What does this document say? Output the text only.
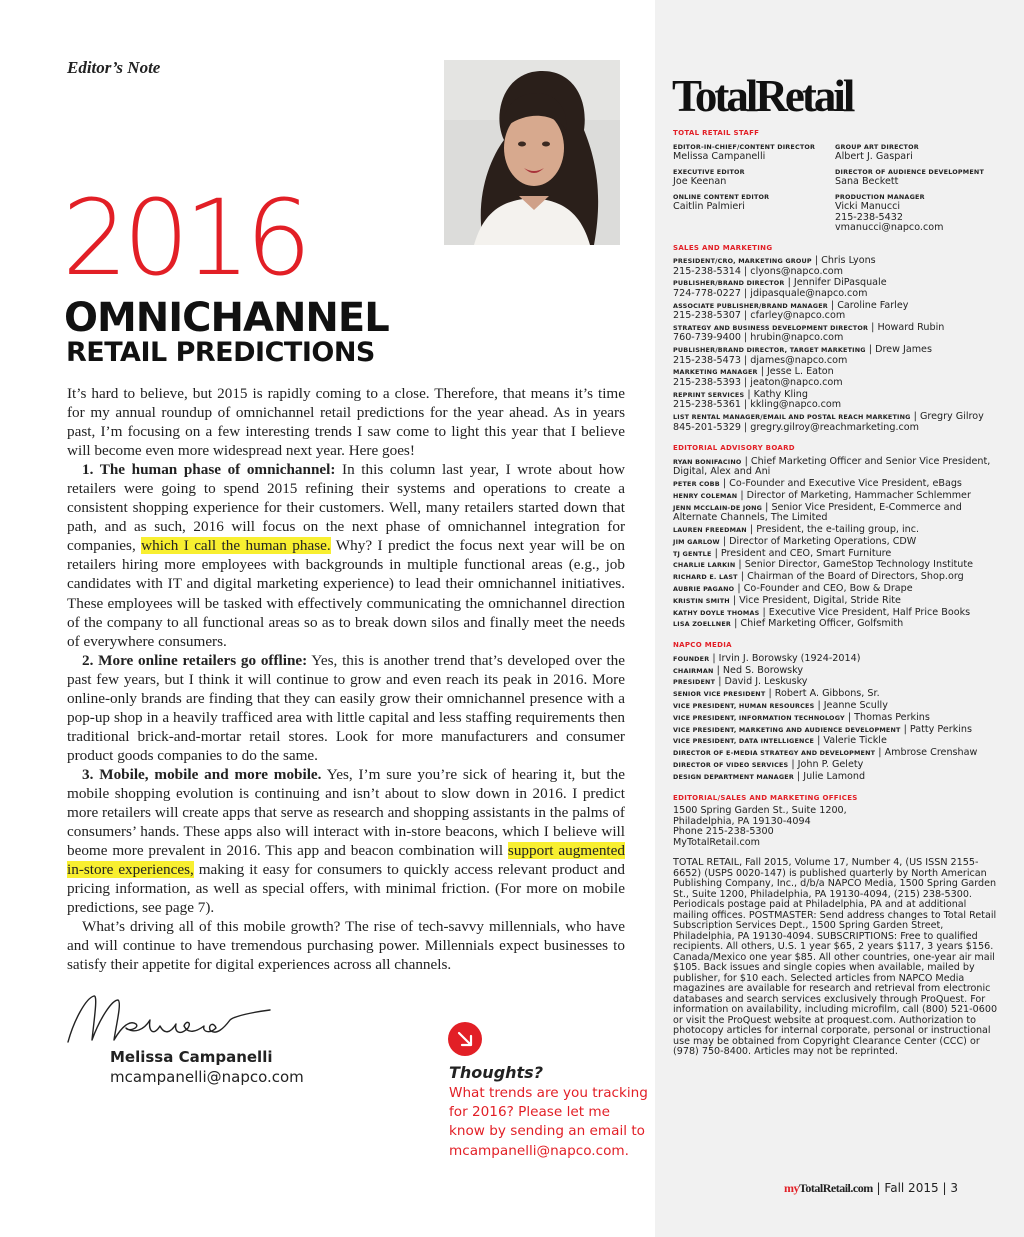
Editor’s Note
2016
OMNICHANNEL
RETAIL PREDICTIONS

It’s hard to believe, but 2015 is rapidly coming to a close. Therefore, that means it’s time for my annual roundup of omnichannel retail predictions for the year ahead. As in years past, I’m focusing on a few interesting trends I saw come to light this year that I believe will become even more widespread next year. Here goes!

1. The human phase of omnichannel: In this column last year, I wrote about how retailers were going to spend 2015 refining their systems and operations to create a consistent shopping experience for their customers. Well, many retailers started down that path, and as such, 2016 will focus on the next phase of omnichannel integration for companies, which I call the human phase. Why? I predict the focus next year will be on retailers hiring more employees with backgrounds in multiple functional areas (e.g., job candidates with IT and digital marketing experience) to lead their omnichannel initiatives. These employees will be tasked with effectively communicating the omnichannel direction of the company to all functional areas so as to break down silos and finally meet the needs of everywhere consumers.

2. More online retailers go offline: Yes, this is another trend that’s developed over the past few years, but I think it will continue to grow and even reach its peak in 2016. More online-only brands are finding that they can easily grow their omnichannel presence with a pop-up shop in a heavily trafficed area with little capital and less staffing requirements then traditional brick-and-mortar retail stores. Look for more manufacturers and consumer product goods companies to do the same.

3. Mobile, mobile and more mobile. Yes, I’m sure you’re sick of hearing it, but the mobile shopping evolution is continuing and isn’t about to slow down in 2016. I predict more retailers will create apps that serve as research and shopping assistants in the palms of consumers’ hands. These apps also will interact with in-store beacons, which I believe will beome more prevalent in 2016. This app and beacon combination will support augmented in-store experiences, making it easy for consumers to quickly access relevant product and pricing information, as well as special offers, with minimal friction. (For more on mobile predictions, see page 7).

What’s driving all of this mobile growth? The rise of tech-savvy millennials, who have and will continue to have tremendous purchasing power. Millennials expect businesses to satisfy their appetite for digital experiences across all channels.

Melissa Campanelli
mcampanelli@napco.com	Thoughts?
What trends are you tracking for 2016? Please let me know by sending an email to mcampanelli@napco.com.
TotalRetail
TOTAL RETAIL STAFF
EDITOR-IN-CHIEF/CONTENT DIRECTOR
Melissa Campanelli
GROUP ART DIRECTOR
Albert J. Gaspari
EXECUTIVE EDITOR
Joe Keenan
DIRECTOR OF AUDIENCE DEVELOPMENT
Sana Beckett
ONLINE CONTENT EDITOR
Caitlin Palmieri
PRODUCTION MANAGER
Vicki Manucci
215-238-5432
vmanucci@napco.com
SALES AND MARKETING
PRESIDENT/CRO, MARKETING GROUP | Chris Lyons
215-238-5314 | clyons@napco.com
PUBLISHER/BRAND DIRECTOR | Jennifer DiPasquale
724-778-0227 | jdipasquale@napco.com
ASSOCIATE PUBLISHER/BRAND MANAGER | Caroline Farley
215-238-5307 | cfarley@napco.com
STRATEGY AND BUSINESS DEVELOPMENT DIRECTOR | Howard Rubin
760-739-9400 | hrubin@napco.com
PUBLISHER/BRAND DIRECTOR, TARGET MARKETING | Drew James
215-238-5473 | djames@napco.com
MARKETING MANAGER | Jesse L. Eaton
215-238-5393 | jeaton@napco.com
REPRINT SERVICES | Kathy Kling
215-238-5361 | kkling@napco.com
LIST RENTAL MANAGER/EMAIL AND POSTAL REACH MARKETING | Gregry Gilroy
845-201-5329 | gregry.gilroy@reachmarketing.com
EDITORIAL ADVISORY BOARD
RYAN BONIFACINO | Chief Marketing Officer and Senior Vice President, Digital, Alex and Ani
PETER COBB | Co-Founder and Executive Vice President, eBags
HENRY COLEMAN | Director of Marketing, Hammacher Schlemmer
JENN MCCLAIN-DE JONG | Senior Vice President, E-Commerce and Alternate Channels, The Limited
LAUREN FREEDMAN | President, the e-tailing group, inc.
JIM GARLOW | Director of Marketing Operations, CDW
TJ GENTLE | President and CEO, Smart Furniture
CHARLIE LARKIN | Senior Director, GameStop Technology Institute
RICHARD E. LAST | Chairman of the Board of Directors, Shop.org
AUBRIE PAGANO | Co-Founder and CEO, Bow & Drape
KRISTIN SMITH | Vice President, Digital, Stride Rite
KATHY DOYLE THOMAS | Executive Vice President, Half Price Books
LISA ZOELLNER | Chief Marketing Officer, Golfsmith
NAPCO MEDIA
FOUNDER | Irvin J. Borowsky (1924-2014)
CHAIRMAN | Ned S. Borowsky
PRESIDENT | David J. Leskusky
SENIOR VICE PRESIDENT | Robert A. Gibbons, Sr.
VICE PRESIDENT, HUMAN RESOURCES | Jeanne Scully
VICE PRESIDENT, INFORMATION TECHNOLOGY | Thomas Perkins
VICE PRESIDENT, MARKETING AND AUDIENCE DEVELOPMENT | Patty Perkins
VICE PRESIDENT, DATA INTELLIGENCE | Valerie Tickle
DIRECTOR OF E-MEDIA STRATEGY AND DEVELOPMENT | Ambrose Crenshaw
DIRECTOR OF VIDEO SERVICES | John P. Gelety
DESIGN DEPARTMENT MANAGER | Julie Lamond
EDITORIAL/SALES AND MARKETING OFFICES
1500 Spring Garden St., Suite 1200,
Philadelphia, PA 19130-4094
Phone 215-238-5300
MyTotalRetail.com
TOTAL RETAIL, Fall 2015, Volume 17, Number 4, (US ISSN 2155-6652) (USPS 0020-147) is published quarterly by North American Publishing Company, Inc., d/b/a NAPCO Media, 1500 Spring Garden St., Suite 1200, Philadelphia, PA 19130-4094, (215) 238-5300. Periodicals postage paid at Philadelphia, PA and at additional mailing offices. POSTMASTER: Send address changes to Total Retail Subscription Services Dept., 1500 Spring Garden Street, Philadelphia, PA 19130-4094. SUBSCRIPTIONS: Free to qualified recipients. All others, U.S. 1 year $65, 2 years $117, 3 years $156. Canada/Mexico one year $85. All other countries, one-year air mail $105. Back issues and single copies when available, mailed by publisher, for $10 each. Selected articles from NAPCO Media magazines are available for research and retrieval from electronic databases and search services exclusively through ProQuest. For information on availability, including microfilm, call (800) 521-0600 or visit the ProQuest website at proquest.com. Authorization to photocopy articles for internal corporate, personal or instructional use may be obtained from Copyright Clearance Center (CCC) or (978) 750-8400. Articles may not be reprinted.
myTotalRetail.com | Fall 2015 | 3
